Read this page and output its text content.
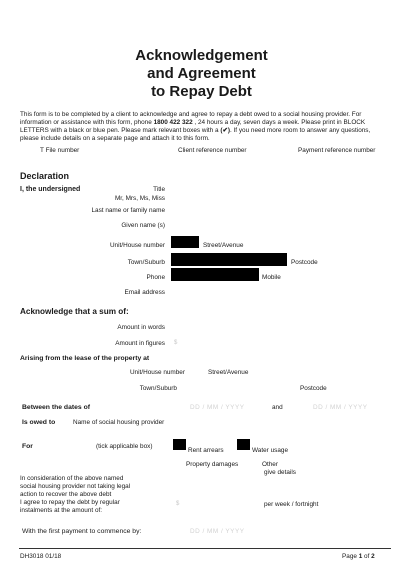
Acknowledgement
and Agreement
to Repay Debt
This form is to be completed by a client to acknowledge and agree to repay a debt owed to a social housing provider. For information or assistance with this form, phone 1800 422 322 , 24 hours a day, seven days a week. Please print in BLOCK LETTERS with a black or blue pen. Please mark relevant boxes with a (✔). If you need more room to answer any questions, please include details on a separate page and attach it to this form.
T File number	Client reference number	Payment reference number
Declaration
I, the undersigned	Title
Mr, Mrs, Ms, Miss
Last name or family name
Given name (s)
Unit/House number	Street/Avenue
Town/Suburb	Postcode
Phone	Mobile
Email address
Acknowledge that a sum of:
Amount in words
Amount in figures $
Arising from the lease of the property at
Unit/House number	Street/Avenue
Town/Suburb	Postcode
Between the dates of	DD / MM / YYYY	and	DD / MM / YYYY
Is owed to	Name of social housing provider
For	(tick applicable box)
Rent arrears	Water usage
Property damages	Other
give details
In consideration of the above named
social housing provider not taking legal
action to recover the above debt
I agree to repay the debt by regular
instalments at the amount of:
$	per week / fortnight
With the first payment to commence by:	DD / MM / YYYY
DH3018 01/18	Page 1 of 2
